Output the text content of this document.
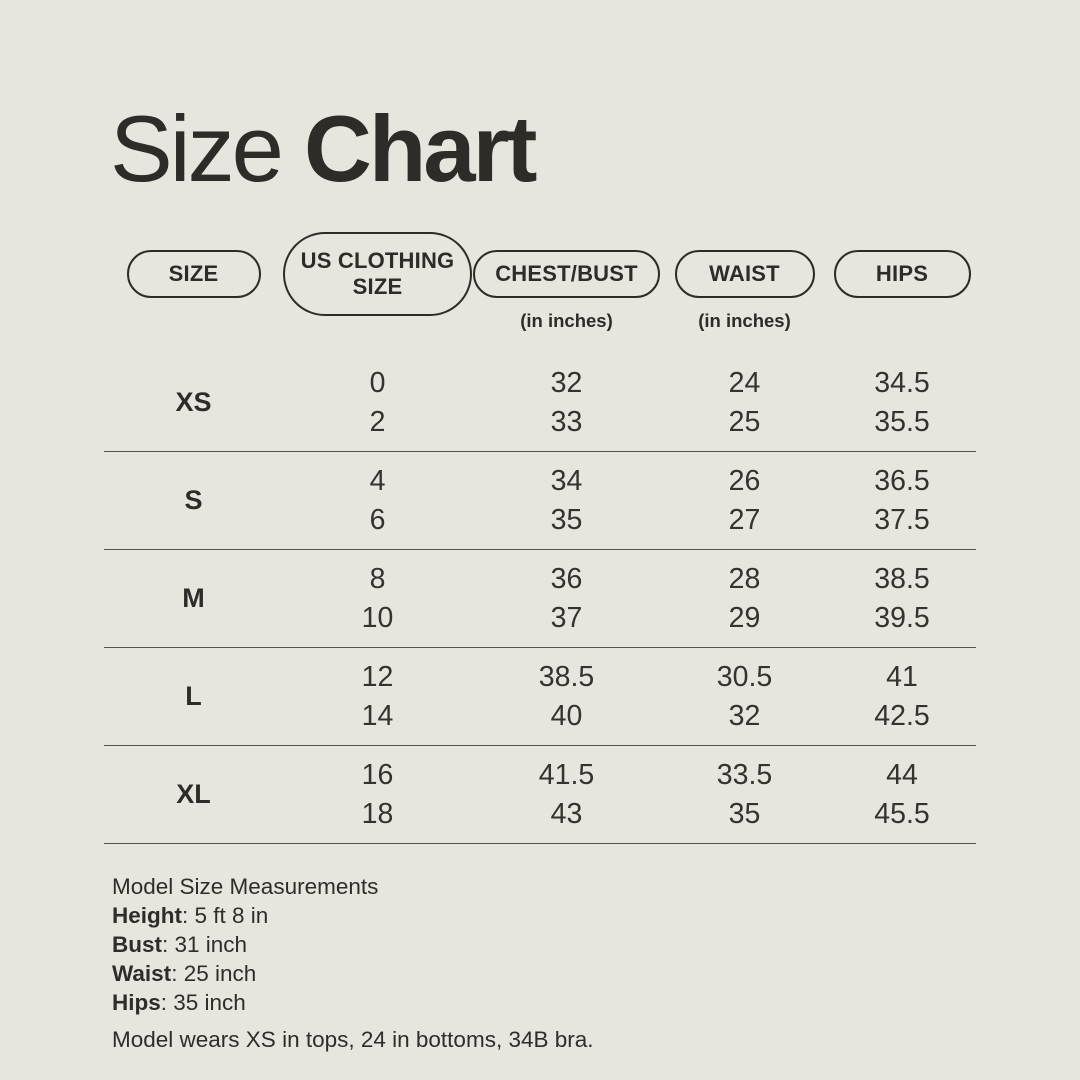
Size Chart
SIZE
US CLOTHING SIZE
CHEST/BUST
(in inches)
WAIST
(in inches)
HIPS
XS
0
2
32
33
24
25
34.5
35.5
S
4
6
34
35
26
27
36.5
37.5
M
8
10
36
37
28
29
38.5
39.5
L
12
14
38.5
40
30.5
32
41
42.5
XL
16
18
41.5
43
33.5
35
44
45.5
Model Size Measurements
Height: 5 ft 8 in
Bust: 31 inch
Waist: 25 inch
Hips: 35 inch
Model wears XS in tops, 24 in bottoms, 34B bra.
